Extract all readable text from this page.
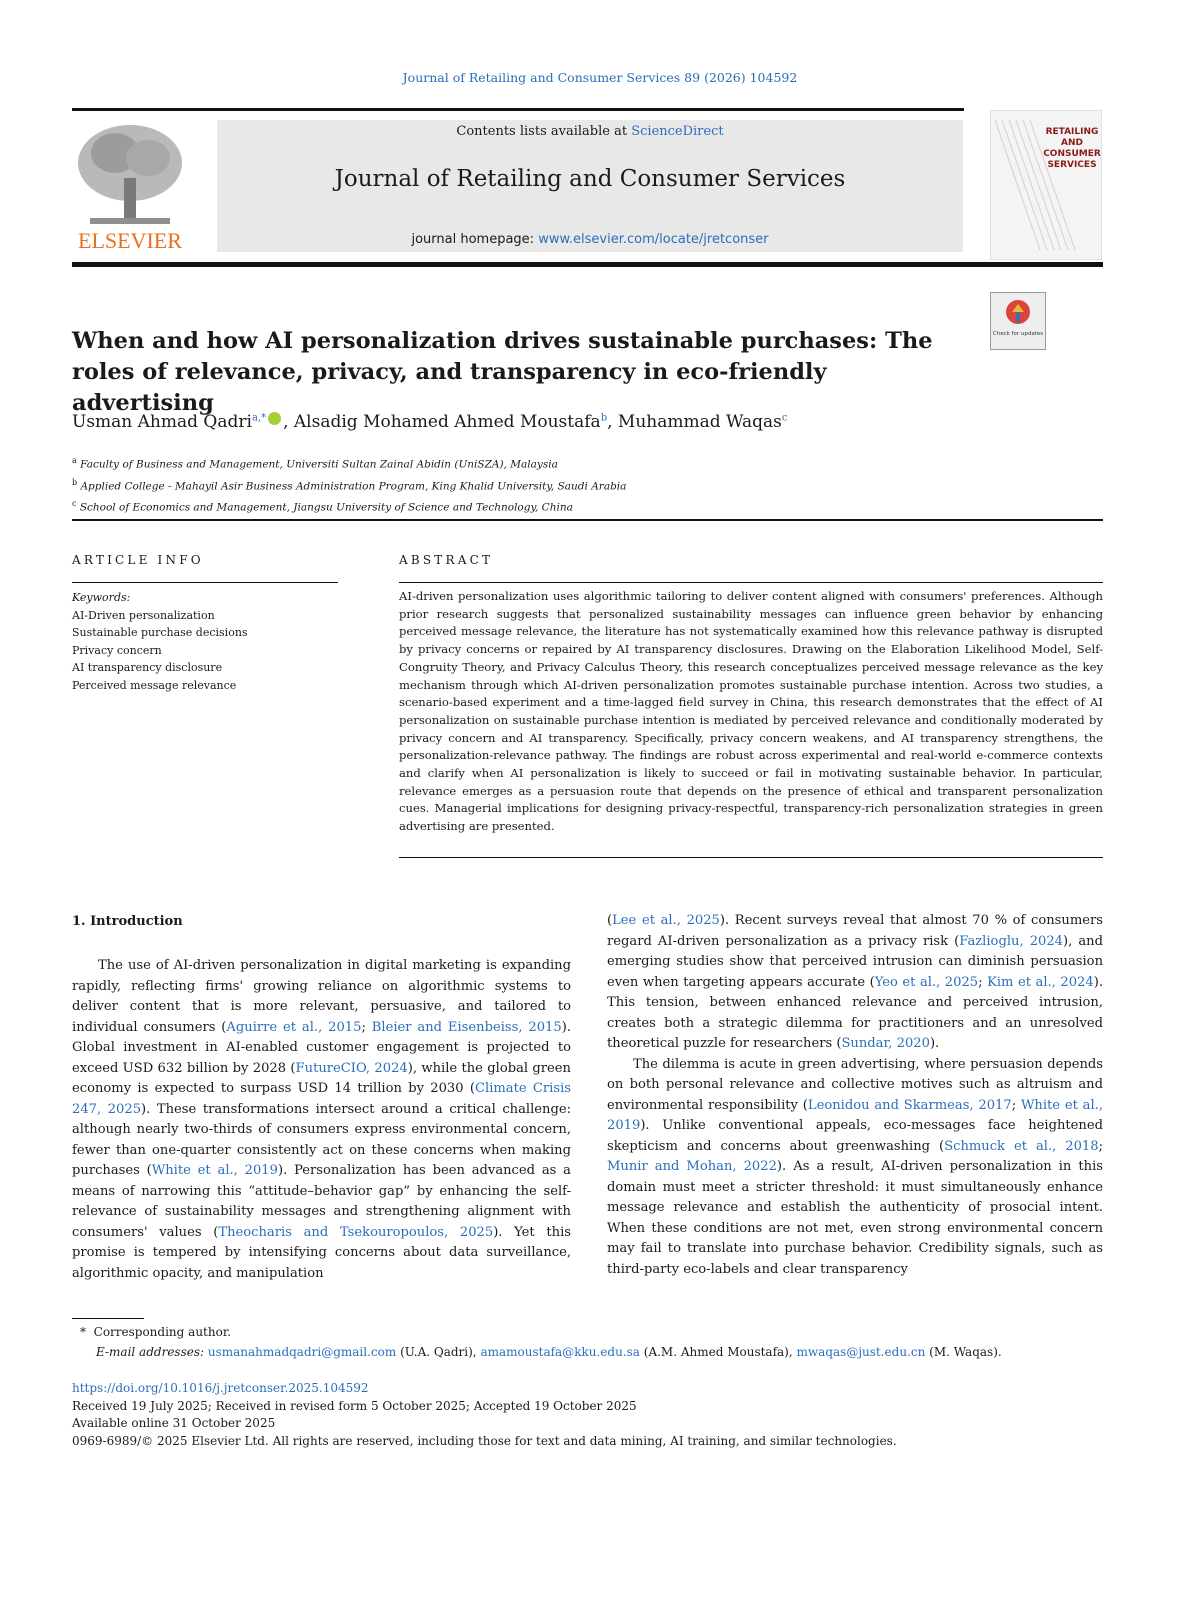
Journal of Retailing and Consumer Services 89 (2026) 104592
ELSEVIER
Contents lists available at ScienceDirect
Journal of Retailing and Consumer Services
journal homepage: www.elsevier.com/locate/jretconser
RETAILING
AND
CONSUMER
SERVICES
When and how AI personalization drives sustainable purchases: The roles of relevance, privacy, and transparency in eco-friendly advertising
Check for updates
Usman Ahmad Qadri$^{a,*}$ , Alsadig Mohamed Ahmed Moustafa$^b$, Muhammad Waqas$^c$
$^a$ Faculty of Business and Management, Universiti Sultan Zainal Abidin (UniSZA), Malaysia
$^b$ Applied College - Mahayil Asir Business Administration Program, King Khalid University, Saudi Arabia
$^c$ School of Economics and Management, Jiangsu University of Science and Technology, China
ARTICLE INFO	ABSTRACT
Keywords:
AI-Driven personalization
Sustainable purchase decisions
Privacy concern
AI transparency disclosure
Perceived message relevance
AI-driven personalization uses algorithmic tailoring to deliver content aligned with consumers' preferences. Although prior research suggests that personalized sustainability messages can influence green behavior by enhancing perceived message relevance, the literature has not systematically examined how this relevance pathway is disrupted by privacy concerns or repaired by AI transparency disclosures. Drawing on the Elaboration Likelihood Model, Self-Congruity Theory, and Privacy Calculus Theory, this research conceptualizes perceived message relevance as the key mechanism through which AI-driven personalization promotes sustainable purchase intention. Across two studies, a scenario-based experiment and a time-lagged field survey in China, this research demonstrates that the effect of AI personalization on sustainable purchase intention is mediated by perceived relevance and conditionally moderated by privacy concern and AI transparency. Specifically, privacy concern weakens, and AI transparency strengthens, the personalization-relevance pathway. The findings are robust across experimental and real-world e-commerce contexts and clarify when AI personalization is likely to succeed or fail in motivating sustainable behavior. In particular, relevance emerges as a persuasion route that depends on the presence of ethical and transparent personalization cues. Managerial implications for designing privacy-respectful, transparency-rich personalization strategies in green advertising are presented.
1. Introduction

The use of AI-driven personalization in digital marketing is expanding rapidly, reflecting firms' growing reliance on algorithmic systems to deliver content that is more relevant, persuasive, and tailored to individual consumers (Aguirre et al., 2015; Bleier and Eisenbeiss, 2015). Global investment in AI-enabled customer engagement is projected to exceed USD 632 billion by 2028 (FutureCIO, 2024), while the global green economy is expected to surpass USD 14 trillion by 2030 (Climate Crisis 247, 2025). These transformations intersect around a critical challenge: although nearly two-thirds of consumers express environmental concern, fewer than one-quarter consistently act on these concerns when making purchases (White et al., 2019). Personalization has been advanced as a means of narrowing this “attitude–behavior gap” by enhancing the self-relevance of sustainability messages and strengthening alignment with consumers' values (Theocharis and Tsekouropoulos, 2025). Yet this promise is tempered by intensifying concerns about data surveillance, algorithmic opacity, and manipulation

(Lee et al., 2025). Recent surveys reveal that almost 70 % of consumers regard AI-driven personalization as a privacy risk (Fazlioglu, 2024), and emerging studies show that perceived intrusion can diminish persuasion even when targeting appears accurate (Yeo et al., 2025; Kim et al., 2024). This tension, between enhanced relevance and perceived intrusion, creates both a strategic dilemma for practitioners and an unresolved theoretical puzzle for researchers (Sundar, 2020).

The dilemma is acute in green advertising, where persuasion depends on both personal relevance and collective motives such as altruism and environmental responsibility (Leonidou and Skarmeas, 2017; White et al., 2019). Unlike conventional appeals, eco-messages face heightened skepticism and concerns about greenwashing (Schmuck et al., 2018; Munir and Mohan, 2022). As a result, AI-driven personalization in this domain must meet a stricter threshold: it must simultaneously enhance message relevance and establish the authenticity of prosocial intent. When these conditions are not met, even strong environmental concern may fail to translate into purchase behavior. Credibility signals, such as third-party eco-labels and clear transparency

* Corresponding author.
E-mail addresses: usmanahmadqadri@gmail.com (U.A. Qadri), amamoustafa@kku.edu.sa (A.M. Ahmed Moustafa), mwaqas@just.edu.cn (M. Waqas).
https://doi.org/10.1016/j.jretconser.2025.104592
Received 19 July 2025; Received in revised form 5 October 2025; Accepted 19 October 2025
Available online 31 October 2025
0969-6989/© 2025 Elsevier Ltd. All rights are reserved, including those for text and data mining, AI training, and similar technologies.
